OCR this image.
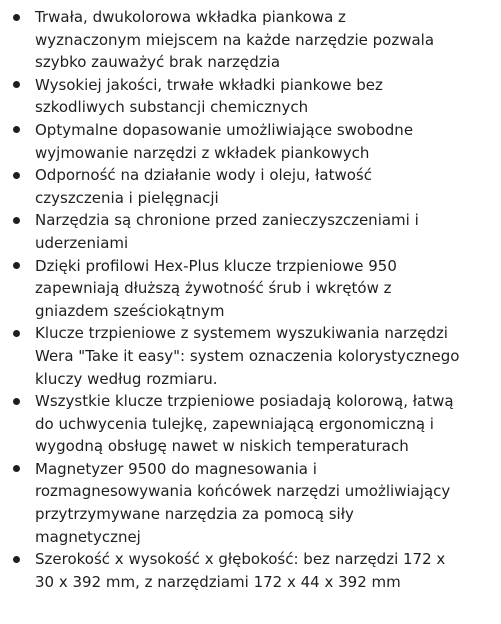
Trwała, dwukolorowa wkładka piankowa z
wyznaczonym miejscem na każde narzędzie pozwala
szybko zauważyć brak narzędzia
Wysokiej jakości, trwałe wkładki piankowe bez
szkodliwych substancji chemicznych
Optymalne dopasowanie umożliwiające swobodne
wyjmowanie narzędzi z wkładek piankowych
Odporność na działanie wody i oleju, łatwość
czyszczenia i pielęgnacji
Narzędzia są chronione przed zanieczyszczeniami i
uderzeniami
Dzięki profilowi Hex-Plus klucze trzpieniowe 950
zapewniają dłuższą żywotność śrub i wkrętów z
gniazdem sześciokątnym
Klucze trzpieniowe z systemem wyszukiwania narzędzi
Wera "Take it easy": system oznaczenia kolorystycznego
kluczy według rozmiaru.
Wszystkie klucze trzpieniowe posiadają kolorową, łatwą
do uchwycenia tulejkę, zapewniającą ergonomiczną i
wygodną obsługę nawet w niskich temperaturach
Magnetyzer 9500 do magnesowania i
rozmagnesowywania końcówek narzędzi umożliwiający
przytrzymywane narzędzia za pomocą siły
magnetycznej
Szerokość x wysokość x głębokość: bez narzędzi 172 x
30 x 392 mm, z narzędziami 172 x 44 x 392 mm
